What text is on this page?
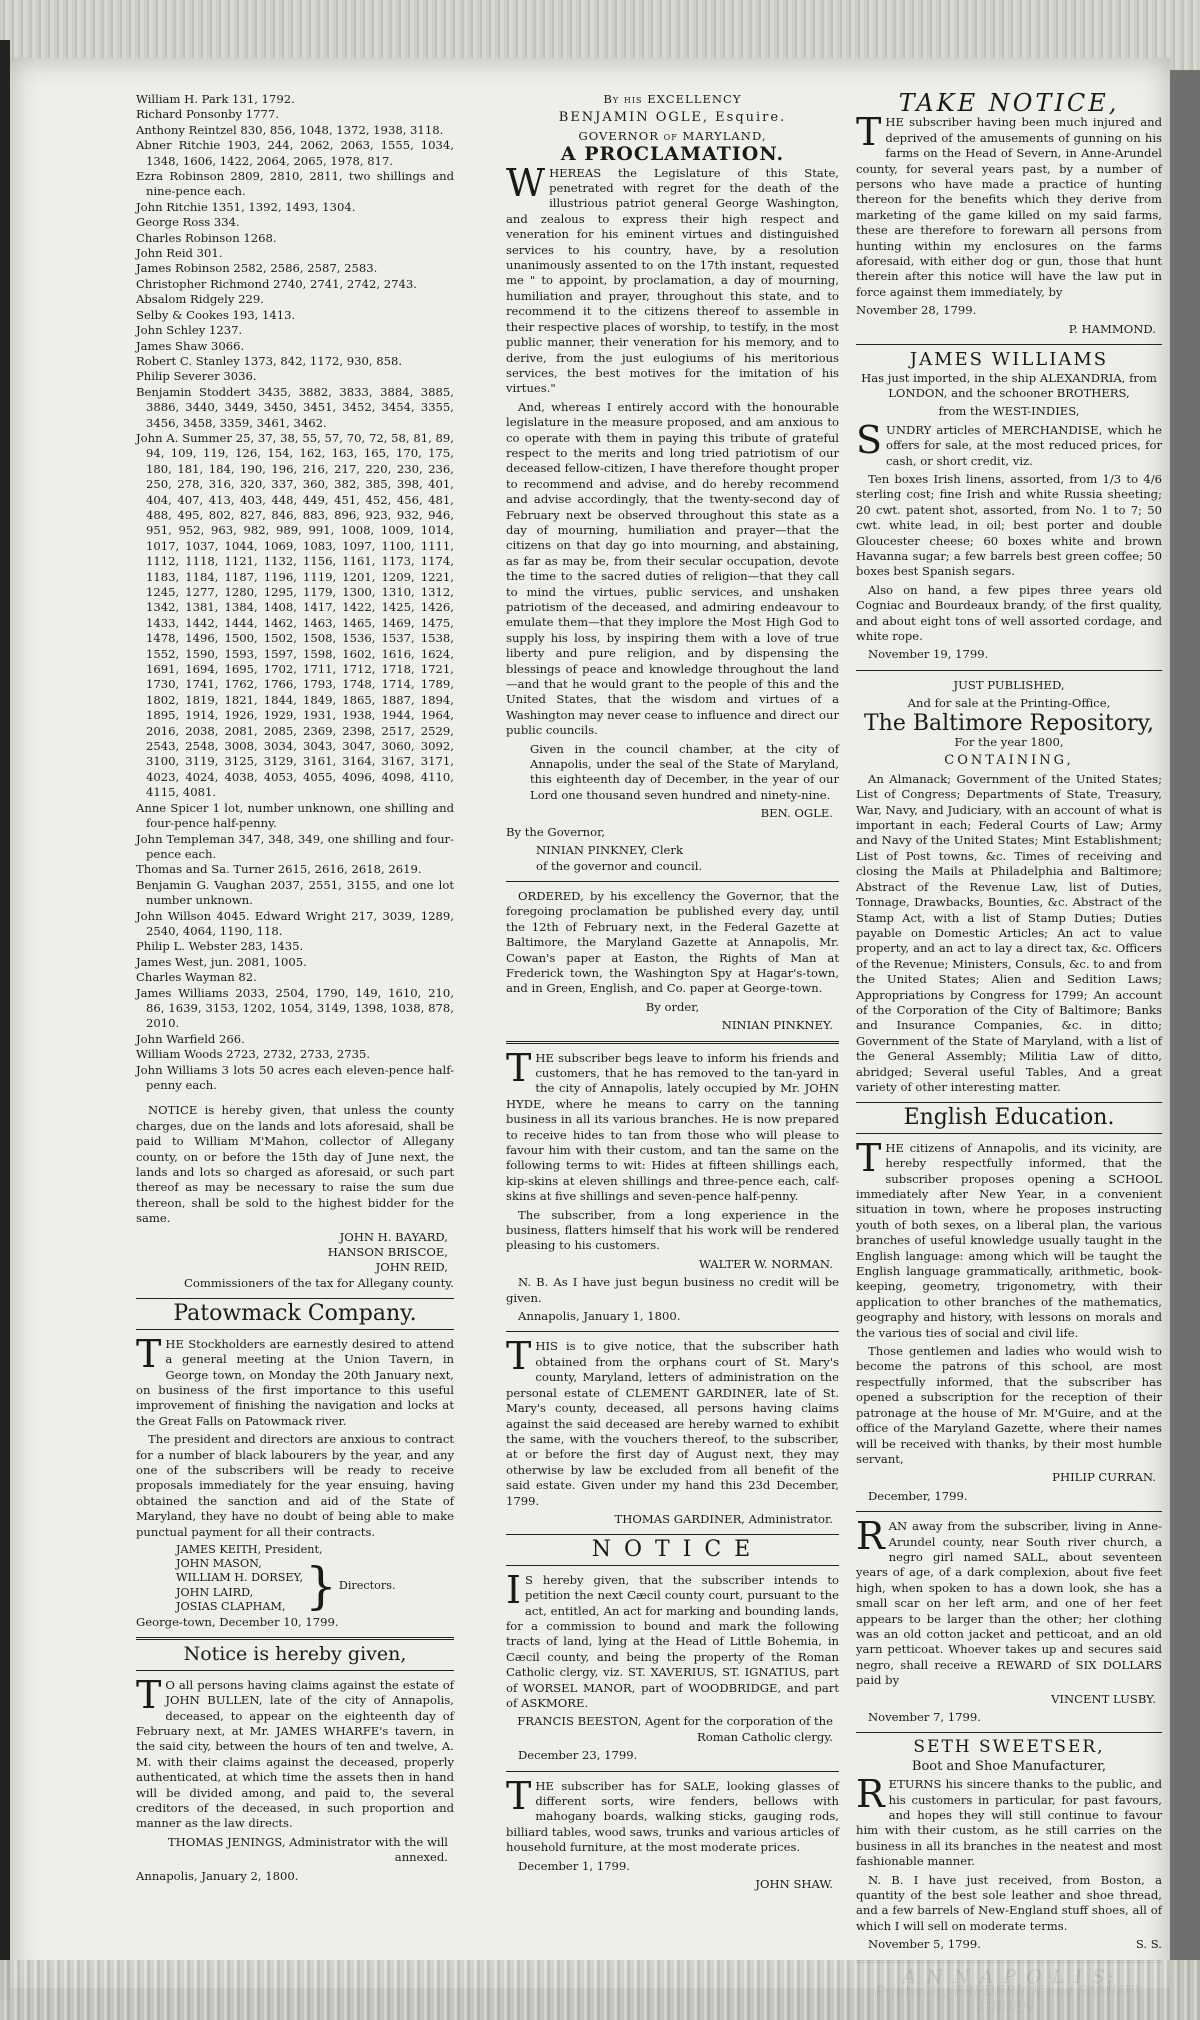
William H. Park 131, 1792.

Richard Ponsonby 1777.

Anthony Reintzel 830, 856, 1048, 1372, 1938, 3118.

Abner Ritchie 1903, 244, 2062, 2063, 1555, 1034, 1348, 1606, 1422, 2064, 2065, 1978, 817.

Ezra Robinson 2809, 2810, 2811, two shillings and nine-pence each.

John Ritchie 1351, 1392, 1493, 1304.

George Ross 334.

Charles Robinson 1268.

John Reid 301.

James Robinson 2582, 2586, 2587, 2583.

Christopher Richmond 2740, 2741, 2742, 2743.

Absalom Ridgely 229.

Selby & Cookes 193, 1413.

John Schley 1237.

James Shaw 3066.

Robert C. Stanley 1373, 842, 1172, 930, 858.

Philip Severer 3036.

Benjamin Stoddert 3435, 3882, 3833, 3884, 3885, 3886, 3440, 3449, 3450, 3451, 3452, 3454, 3355, 3456, 3458, 3359, 3461, 3462.

John A. Summer 25, 37, 38, 55, 57, 70, 72, 58, 81, 89, 94, 109, 119, 126, 154, 162, 163, 165, 170, 175, 180, 181, 184, 190, 196, 216, 217, 220, 230, 236, 250, 278, 316, 320, 337, 360, 382, 385, 398, 401, 404, 407, 413, 403, 448, 449, 451, 452, 456, 481, 488, 495, 802, 827, 846, 883, 896, 923, 932, 946, 951, 952, 963, 982, 989, 991, 1008, 1009, 1014, 1017, 1037, 1044, 1069, 1083, 1097, 1100, 1111, 1112, 1118, 1121, 1132, 1156, 1161, 1173, 1174, 1183, 1184, 1187, 1196, 1119, 1201, 1209, 1221, 1245, 1277, 1280, 1295, 1179, 1300, 1310, 1312, 1342, 1381, 1384, 1408, 1417, 1422, 1425, 1426, 1433, 1442, 1444, 1462, 1463, 1465, 1469, 1475, 1478, 1496, 1500, 1502, 1508, 1536, 1537, 1538, 1552, 1590, 1593, 1597, 1598, 1602, 1616, 1624, 1691, 1694, 1695, 1702, 1711, 1712, 1718, 1721, 1730, 1741, 1762, 1766, 1793, 1748, 1714, 1789, 1802, 1819, 1821, 1844, 1849, 1865, 1887, 1894, 1895, 1914, 1926, 1929, 1931, 1938, 1944, 1964, 2016, 2038, 2081, 2085, 2369, 2398, 2517, 2529, 2543, 2548, 3008, 3034, 3043, 3047, 3060, 3092, 3100, 3119, 3125, 3129, 3161, 3164, 3167, 3171, 4023, 4024, 4038, 4053, 4055, 4096, 4098, 4110, 4115, 4081.

Anne Spicer 1 lot, number unknown, one shilling and four-pence half-penny.

John Templeman 347, 348, 349, one shilling and four-pence each.

Thomas and Sa. Turner 2615, 2616, 2618, 2619.

Benjamin G. Vaughan 2037, 2551, 3155, and one lot number unknown.

John Willson 4045. Edward Wright 217, 3039, 1289, 2540, 4064, 1190, 118.

Philip L. Webster 283, 1435.

James West, jun. 2081, 1005.

Charles Wayman 82.

James Williams 2033, 2504, 1790, 149, 1610, 210, 86, 1639, 3153, 1202, 1054, 3149, 1398, 1038, 878, 2010.

John Warfield 266.

William Woods 2723, 2732, 2733, 2735.

John Williams 3 lots 50 acres each eleven-pence half-penny each.

NOTICE is hereby given, that unless the county charges, due on the lands and lots aforesaid, shall be paid to William M'Mahon, collector of Allegany county, on or before the 15th day of June next, the lands and lots so charged as aforesaid, or such part thereof as may be necessary to raise the sum due thereon, shall be sold to the highest bidder for the same.

JOHN H. BAYARD,
HANSON BRISCOE,
JOHN REID,

Commissioners of the tax for Allegany county.

Patowmack Company.

THE Stockholders are earnestly desired to attend a general meeting at the Union Tavern, in George town, on Monday the 20th January next, on business of the first importance to this useful improvement of finishing the navigation and locks at the Great Falls on Patowmack river.

The president and directors are anxious to contract for a number of black labourers by the year, and any one of the subscribers will be ready to receive proposals immediately for the year ensuing, having obtained the sanction and aid of the State of Maryland, they have no doubt of being able to make punctual payment for all their contracts.

JAMES KEITH, President,
JOHN MASON,
WILLIAM H. DORSEY,
JOHN LAIRD,
JOSIAS CLAPHAM, } Directors.

George-town, December 10, 1799.

Notice is hereby given,

TO all persons having claims against the estate of JOHN BULLEN, late of the city of Annapolis, deceased, to appear on the eighteenth day of February next, at Mr. JAMES WHARFE's tavern, in the said city, between the hours of ten and twelve, A. M. with their claims against the deceased, properly authenticated, at which time the assets then in hand will be divided among, and paid to, the several creditors of the deceased, in such proportion and manner as the law directs.

THOMAS JENINGS, Administrator with the will annexed.

Annapolis, January 2, 1800.

By his EXCELLENCY

BENJAMIN OGLE, Esquire.

GOVERNOR of MARYLAND,

A PROCLAMATION.

WHEREAS the Legislature of this State, penetrated with regret for the death of the illustrious patriot general George Washington, and zealous to express their high respect and veneration for his eminent virtues and distinguished services to his country, have, by a resolution unanimously assented to on the 17th instant, requested me " to appoint, by proclamation, a day of mourning, humiliation and prayer, throughout this state, and to recommend it to the citizens thereof to assemble in their respective places of worship, to testify, in the most public manner, their veneration for his memory, and to derive, from the just eulogiums of his meritorious services, the best motives for the imitation of his virtues."

And, whereas I entirely accord with the honourable legislature in the measure proposed, and am anxious to co operate with them in paying this tribute of grateful respect to the merits and long tried patriotism of our deceased fellow-citizen, I have therefore thought proper to recommend and advise, and do hereby recommend and advise accordingly, that the twenty-second day of February next be observed throughout this state as a day of mourning, humiliation and prayer—that the citizens on that day go into mourning, and abstaining, as far as may be, from their secular occupation, devote the time to the sacred duties of religion—that they call to mind the virtues, public services, and unshaken patriotism of the deceased, and admiring endeavour to emulate them—that they implore the Most High God to supply his loss, by inspiring them with a love of true liberty and pure religion, and by dispensing the blessings of peace and knowledge throughout the land—and that he would grant to the people of this and the United States, that the wisdom and virtues of a Washington may never cease to influence and direct our public councils.

Given in the council chamber, at the city of Annapolis, under the seal of the State of Maryland, this eighteenth day of December, in the year of our Lord one thousand seven hundred and ninety-nine.

BEN. OGLE.

By the Governor,

NINIAN PINKNEY, Clerk

of the governor and council.

ORDERED, by his excellency the Governor, that the foregoing proclamation be published every day, until the 12th of February next, in the Federal Gazette at Baltimore, the Maryland Gazette at Annapolis, Mr. Cowan's paper at Easton, the Rights of Man at Frederick town, the Washington Spy at Hagar's-town, and in Green, English, and Co. paper at George-town.

By order,

NINIAN PINKNEY.

THE subscriber begs leave to inform his friends and customers, that he has removed to the tan-yard in the city of Annapolis, lately occupied by Mr. JOHN HYDE, where he means to carry on the tanning business in all its various branches. He is now prepared to receive hides to tan from those who will please to favour him with their custom, and tan the same on the following terms to wit: Hides at fifteen shillings each, kip-skins at eleven shillings and three-pence each, calf-skins at five shillings and seven-pence half-penny.

The subscriber, from a long experience in the business, flatters himself that his work will be rendered pleasing to his customers.

WALTER W. NORMAN.

N. B. As I have just begun business no credit will be given.

Annapolis, January 1, 1800.

THIS is to give notice, that the subscriber hath obtained from the orphans court of St. Mary's county, Maryland, letters of administration on the personal estate of CLEMENT GARDINER, late of St. Mary's county, deceased, all persons having claims against the said deceased are hereby warned to exhibit the same, with the vouchers thereof, to the subscriber, at or before the first day of August next, they may otherwise by law be excluded from all benefit of the said estate. Given under my hand this 23d December, 1799.

THOMAS GARDINER, Administrator.

N O T I C E

IS hereby given, that the subscriber intends to petition the next Cæcil county court, pursuant to the act, entitled, An act for marking and bounding lands, for a commission to bound and mark the following tracts of land, lying at the Head of Little Bohemia, in Cæcil county, and being the property of the Roman Catholic clergy, viz. ST. XAVERIUS, ST. IGNATIUS, part of WORSEL MANOR, part of WOODBRIDGE, and part of ASKMORE.

FRANCIS BEESTON, Agent for the corporation of the Roman Catholic clergy.

December 23, 1799.

THE subscriber has for SALE, looking glasses of different sorts, wire fenders, bellows with mahogany boards, walking sticks, gauging rods, billiard tables, wood saws, trunks and various articles of household furniture, at the most moderate prices.

December 1, 1799.

JOHN SHAW.

TAKE NOTICE,

THE subscriber having been much injured and deprived of the amusements of gunning on his farms on the Head of Severn, in Anne-Arundel county, for several years past, by a number of persons who have made a practice of hunting thereon for the benefits which they derive from marketing of the game killed on my said farms, these are therefore to forewarn all persons from hunting within my enclosures on the farms aforesaid, with either dog or gun, those that hunt therein after this notice will have the law put in force against them immediately, by

November 28, 1799.

P. HAMMOND.

JAMES WILLIAMS

Has just imported, in the ship ALEXANDRIA, from LONDON, and the schooner BROTHERS,

from the WEST-INDIES,

SUNDRY articles of MERCHANDISE, which he offers for sale, at the most reduced prices, for cash, or short credit, viz.

Ten boxes Irish linens, assorted, from 1/3 to 4/6 sterling cost; fine Irish and white Russia sheeting; 20 cwt. patent shot, assorted, from No. 1 to 7; 50 cwt. white lead, in oil; best porter and double Gloucester cheese; 60 boxes white and brown Havanna sugar; a few barrels best green coffee; 50 boxes best Spanish segars.

Also on hand, a few pipes three years old Cogniac and Bourdeaux brandy, of the first quality, and about eight tons of well assorted cordage, and white rope.

November 19, 1799.

JUST PUBLISHED,

And for sale at the Printing-Office,

The Baltimore Repository,

For the year 1800,

CONTAINING,

An Almanack; Government of the United States; List of Congress; Departments of State, Treasury, War, Navy, and Judiciary, with an account of what is important in each; Federal Courts of Law; Army and Navy of the United States; Mint Establishment; List of Post towns, &c. Times of receiving and closing the Mails at Philadelphia and Baltimore; Abstract of the Revenue Law, list of Duties, Tonnage, Drawbacks, Bounties, &c. Abstract of the Stamp Act, with a list of Stamp Duties; Duties payable on Domestic Articles; An act to value property, and an act to lay a direct tax, &c. Officers of the Revenue; Ministers, Consuls, &c. to and from the United States; Alien and Sedition Laws; Appropriations by Congress for 1799; An account of the Corporation of the City of Baltimore; Banks and Insurance Companies, &c. in ditto; Government of the State of Maryland, with a list of the General Assembly; Militia Law of ditto, abridged; Several useful Tables, And a great variety of other interesting matter.

English Education.

THE citizens of Annapolis, and its vicinity, are hereby respectfully informed, that the subscriber proposes opening a SCHOOL immediately after New Year, in a convenient situation in town, where he proposes instructing youth of both sexes, on a liberal plan, the various branches of useful knowledge usually taught in the English language: among which will be taught the English language grammatically, arithmetic, book-keeping, geometry, trigonometry, with their application to other branches of the mathematics, geography and history, with lessons on morals and the various ties of social and civil life.

Those gentlemen and ladies who would wish to become the patrons of this school, are most respectfully informed, that the subscriber has opened a subscription for the reception of their patronage at the house of Mr. M'Guire, and at the office of the Maryland Gazette, where their names will be received with thanks, by their most humble servant,

PHILIP CURRAN.

December, 1799.

RAN away from the subscriber, living in Anne-Arundel county, near South river church, a negro girl named SALL, about seventeen years of age, of a dark complexion, about five feet high, when spoken to has a down look, she has a small scar on her left arm, and one of her feet appears to be larger than the other; her clothing was an old cotton jacket and petticoat, and an old yarn petticoat. Whoever takes up and secures said negro, shall receive a REWARD of SIX DOLLARS paid by

VINCENT LUSBY.

November 7, 1799.

SETH SWEETSER,

Boot and Shoe Manufacturer,

RETURNS his sincere thanks to the public, and his customers in particular, for past favours, and hopes they will still continue to favour him with their custom, as he still carries on the business in all its branches in the neatest and most fashionable manner.

N. B. I have just received, from Boston, a quantity of the best sole leather and shoe thread, and a few barrels of New-England stuff shoes, all of which I will sell on moderate terms.

November 5, 1799.	S. S.
